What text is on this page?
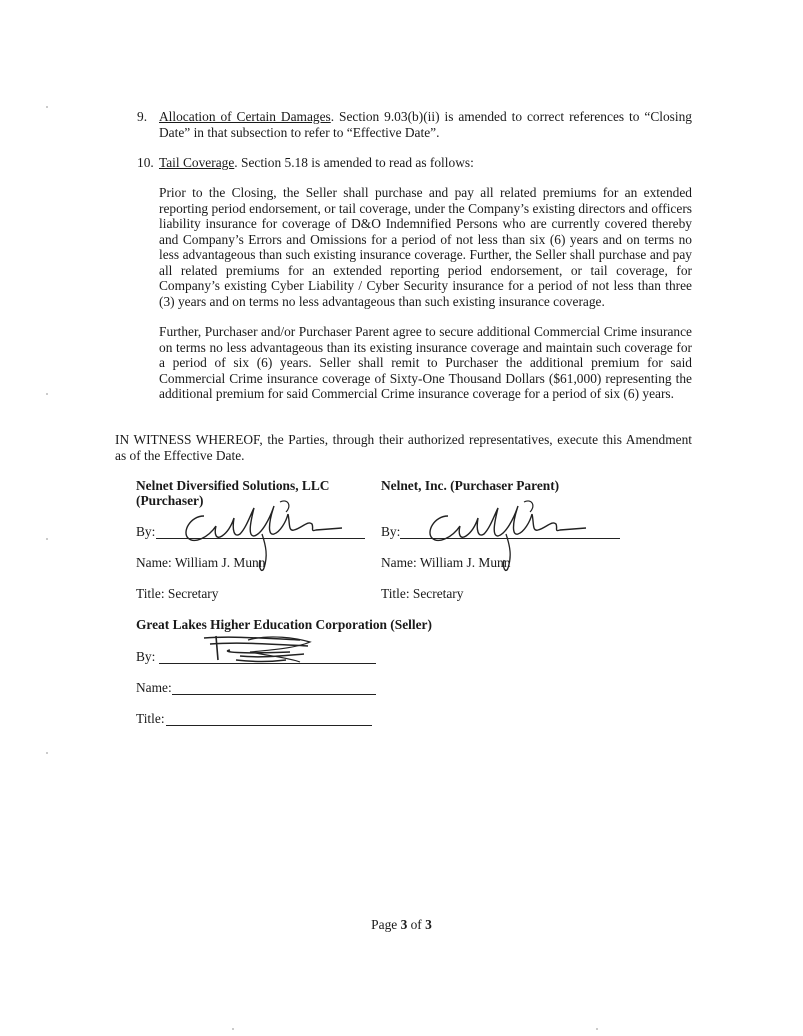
9. Allocation of Certain Damages. Section 9.03(b)(ii) is amended to correct references to “Closing Date” in that subsection to refer to “Effective Date”.

10. Tail Coverage. Section 5.18 is amended to read as follows:

Prior to the Closing, the Seller shall purchase and pay all related premiums for an extended reporting period endorsement, or tail coverage, under the Company’s existing directors and officers liability insurance for coverage of D&O Indemnified Persons who are currently covered thereby and Company’s Errors and Omissions for a period of not less than six (6) years and on terms no less advantageous than such existing insurance coverage. Further, the Seller shall purchase and pay all related premiums for an extended reporting period endorsement, or tail coverage, for Company’s existing Cyber Liability / Cyber Security insurance for a period of not less than three (3) years and on terms no less advantageous than such existing insurance coverage.

Further, Purchaser and/or Purchaser Parent agree to secure additional Commercial Crime insurance on terms no less advantageous than its existing insurance coverage and maintain such coverage for a period of six (6) years. Seller shall remit to Purchaser the additional premium for said Commercial Crime insurance coverage of Sixty-One Thousand Dollars ($61,000) representing the additional premium for said Commercial Crime insurance coverage for a period of six (6) years.

IN WITNESS WHEREOF, the Parties, through their authorized representatives, execute this Amendment as of the Effective Date.

Nelnet Diversified Solutions, LLC
(Purchaser)
By:
Name: William J. Munn
Title: Secretary
Nelnet, Inc. (Purchaser Parent)
By:
Name: William J. Munn
Title: Secretary
Great Lakes Higher Education Corporation (Seller)
By:
Name:
Title:
Page 3 of 3
